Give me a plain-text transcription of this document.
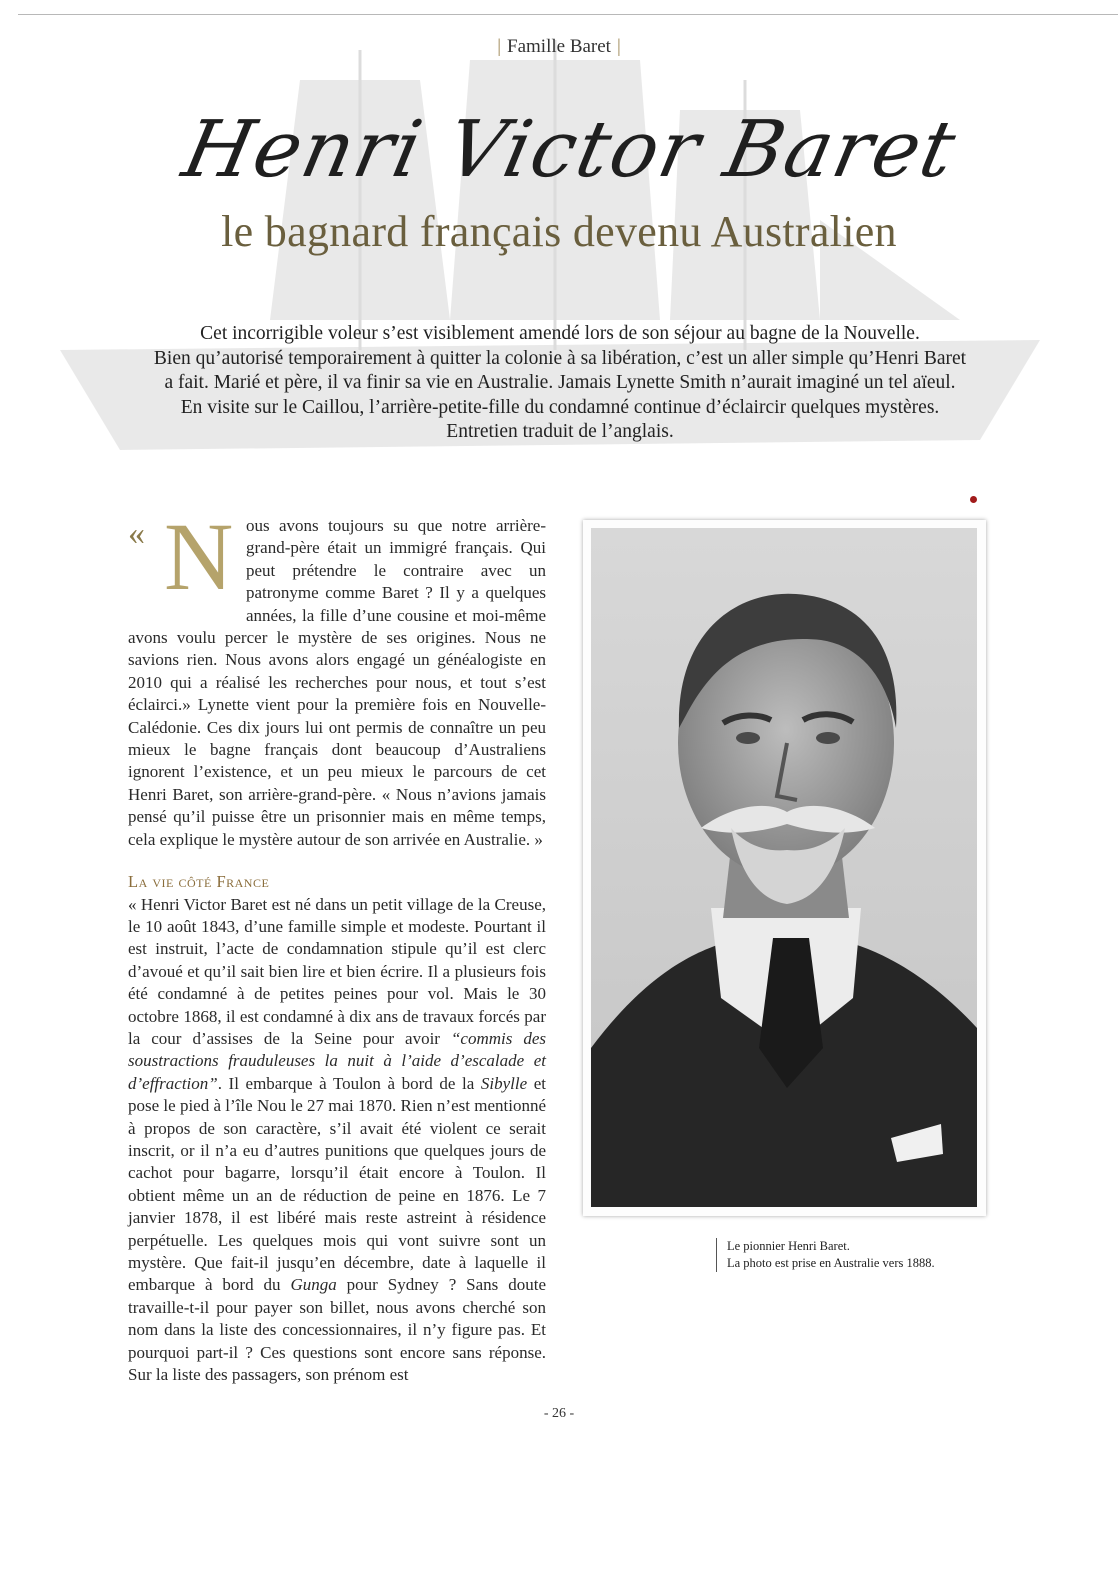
| Famille Baret |
Henri Victor Baret
le bagnard français devenu Australien

Cet incorrigible voleur s’est visiblement amendé lors de son séjour au bagne de la Nouvelle.

Bien qu’autorisé temporairement à quitter la colonie à sa libération, c’est un aller simple qu’Henri Baret

a fait. Marié et père, il va finir sa vie en Australie. Jamais Lynette Smith n’aurait imaginé un tel aïeul.

En visite sur le Caillou, l’arrière-petite-fille du condamné continue d’éclaircir quelques mystères.

Entretien traduit de l’anglais.

« N ous avons toujours su que notre arrière-grand-père était un immigré français. Qui peut prétendre le contraire avec un patronyme comme Baret ? Il y a quelques années, la fille d’une cousine et moi-même avons voulu percer le mystère de ses origines. Nous ne savions rien. Nous avons alors engagé un généalogiste en 2010 qui a réalisé les recherches pour nous, et tout s’est éclairci.» Lynette vient pour la première fois en Nouvelle-Calédonie. Ces dix jours lui ont permis de connaître un peu mieux le bagne français dont beaucoup d’Australiens ignorent l’existence, et un peu mieux le parcours de cet Henri Baret, son arrière-grand-père. « Nous n’avions jamais pensé qu’il puisse être un prisonnier mais en même temps, cela explique le mystère autour de son arrivée en Australie. »

La vie côté France

« Henri Victor Baret est né dans un petit village de la Creuse, le 10 août 1843, d’une famille simple et modeste. Pourtant il est instruit, l’acte de condamnation stipule qu’il est clerc d’avoué et qu’il sait bien lire et bien écrire. Il a plusieurs fois été condamné à de petites peines pour vol. Mais le 30 octobre 1868, il est condamné à dix ans de travaux forcés par la cour d’assises de la Seine pour avoir “commis des soustractions frauduleuses la nuit à l’aide d’escalade et d’effraction”. Il embarque à Toulon à bord de la Sibylle et pose le pied à l’île Nou le 27 mai 1870. Rien n’est mentionné à propos de son caractère, s’il avait été violent ce serait inscrit, or il n’a eu d’autres punitions que quelques jours de cachot pour bagarre, lorsqu’il était encore à Toulon. Il obtient même un an de réduction de peine en 1876. Le 7 janvier 1878, il est libéré mais reste astreint à résidence perpétuelle. Les quelques mois qui vont suivre sont un mystère. Que fait-il jusqu’en décembre, date à laquelle il embarque à bord du Gunga pour Sydney ? Sans doute travaille-t-il pour payer son billet, nous avons cherché son nom dans la liste des concessionnaires, il n’y figure pas. Et pourquoi part-il ? Ces questions sont encore sans réponse. Sur la liste des passagers, son prénom est

Le pionnier Henri Baret.
La photo est prise en Australie vers 1888.
- 26 -
